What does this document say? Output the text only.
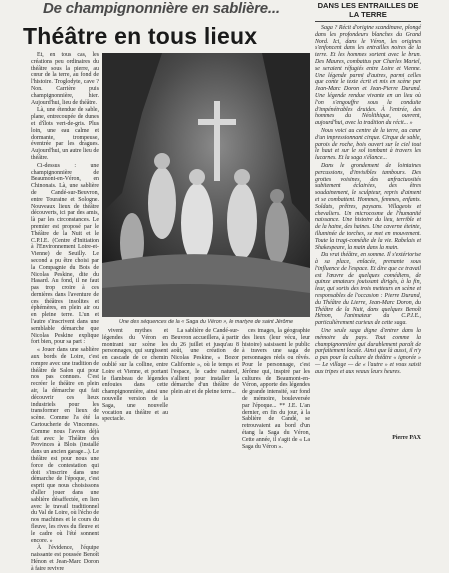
De champignonnière en sablière...
Théâtre en tous lieux

Et, en tous cas, les créations peu ordinaires du théâtre sous la pierre, au cœur de la terre, au fond de l'histoire. Troglodyte, cave ? Non. Carrière puis champignonnière, hier. Aujourd'hui, lieu de théâtre.

Là, une étendue de sable, plane, entrecoupée de dunes et d'îlots vert-de-gris. Plus loin, une eau calme et dormante, trompeuse, éventrée par les dragues. Aujourd'hui, un autre lieu de théâtre.

Ci-dessus : une champignonnière de Beaumont-en-Véron, en Chinonais. Là, une sablière de Candé-sur-Beuvron, entre Touraine et Sologne. Nouveaux lieux de théâtre découverts, ici par des amis, là par les circonstances. Le premier est proposé par le Théâtre de la Nuit et le C.P.I.E. (Centre d'Initiation à l'Environnement Loire-et-Vienne) de Seuilly. Le second a pu être choisi par la Compagnie du Bois de Nicolas Peskine, dite du Hasard. Au fond, il ne faut pas trop croire à ces dernières dans l'aventure de ces théâtres insolites et éphémères, en plein air ou en pleine terre. L'un et l'autre s'inscrivent dans une semblable démarche que Nicolas Peskine explique fort bien, pour sa part :

« Jouer dans une sablière aux bords de Loire, c'est rompre avec une tradition de théâtre de Salon qui pour nos pas connues. C'est recréer le théâtre en plein air, la démarche qui fait découvrir ces lieux industriels pour les transformer en lieux de scène. Comme l'a été la Cartoucherie de Vincennes. Comme nous l'avons déjà fait avec le Théâtre des Provinces à Blois (installé dans un ancien garage...). Le théâtre est pour nous une force de contestation qui doit s'inscrire dans une démarche de l'époque, c'est esprit que nous choisissons d'aller jouer dans une sablière désaffectée, en lien avec le travail traditionnel du Val de Loire, où l'écho de nos machines et le cours du fleuve, les rives du fleuve et le cadre où l'été sonnent encore. »

À l'évidence, l'équipe naissante est poussée Benoît Hénon et Jean-Marc Doron à faire revivre

Une des séquences de la « Saga du Véron », le martyre de saint Jérôme

vivent mythes et légendes du Véron en montrant sur scène les personnages, qui surgissent en cascade de ce chemin oublié sur la colline, entre Loire et Vienne, et portant le flambeau de légendes enfouies dans cette champignonnière, ainsi une nouvelle version de la Saga, une nouvelle vocation au théâtre et au spectacle.

La sablière de Candé-sur-Beuvron accueillera, à partir du 26 juillet et jusqu'au 8 août, une création de Nicolas Peskine, « Bozor Californie », où le temps et l'espace, le cadre naturel, s'allient pour installer la démarche d'un théâtre de plein air et de pleine terre...

ces images, la géographie des lieux (leur vécu, leur histoire) saisissent le public à travers une saga de personnages réels ou rêvés. Pour le personnage, c'est Jérôme qui, inspiré par les cultures de Beaumont-en-Véron, apporte des légendes de grande intensité, sur fond de mémoire, bouleversée par l'époque... ** J.E. L'an dernier, en fin du jour, à la Sablière de Candé, se retrouvaient au bord d'un étang la Saga du Véron, Cette année, il s'agit de « La Saga du Véron ».

DANS LES ENTRAILLES DE LA TERRE

Saga ? Récit d'origine scandinave, plongé dans les profondeurs blanches du Grand Nord. Ici, dans le Véron, les origines s'enfoncent dans les entrailles noires de la terre. Et les hommes sortent avec le brun. Des Maures, combattus par Charles Martel, se seraient réfugiés entre Loire et Vienne. Une légende parmi d'autres, parmi celles que conte le texte écrit et mis en scène par Jean-Marc Doron et Jean-Pierre Durand. Une légende rendue vivante en un lieu où l'on s'engouffre sous la conduite d'impénétrables druides. À l'entrée, des hommes du Néolithique, ouvrent, aujourd'hui, avec la tradition du récit... »

Nous voici au centre de la terre, au cœur d'un impressionnant cirque. Cirque de sable, parois de roche, bois ouvert sur le ciel tout le haut et sur le sol tombant à travers les lucarnes. Et la saga s'élance...

Dans le grondement de lointaines percussions, d'invisibles tambours. Des grottes voisines, des anfractuosités subitement éclairées, des êtres soudainement, le sculpteur, repris d'aiment et se combattent. Hommes, femmes, enfants. Soldats, prêtres, paysans. Villageois et chevaliers. Un microcosme de l'humanité naissance. Une histoire du lieu, terrible et de la haine, des haines. Une caverne éteinte, illuminée de torches, se met en mouvement. Toute la tragi-comédie de la vie. Rabelais et Shakespeare, la main dans la main.

Du vrai théâtre, en somme. Il s'extériorise à sa place, enlacée, prenante sous l'influence de l'espace. Et dire que ce travail est l'œuvre de quelques comédiens, de quinze amateurs jouissant dirigés, à la fin, leur, qui sortis des trois metteurs en scène et responsables de l'occasion : Pierre Durand, du Théâtre du Lierre, Jean-Marc Doron, du Théâtre de la Nuit, dans quelques Benoît Hénon, l'animateur du C.P.I.E., particulièrement curieux de cette saga.

Une seule saga digne d'entrer dans la mémoire du pays. Tout comme la champignonnière qui durablement paraît de parfaitement locale. Ainsi que là aussi, il n'y a pas pour la culture de théâtre « ignorée » — Le village — de « l'autre » et vous saisit aux tripes et aux veaux leurs heures.

Pierre PAX
